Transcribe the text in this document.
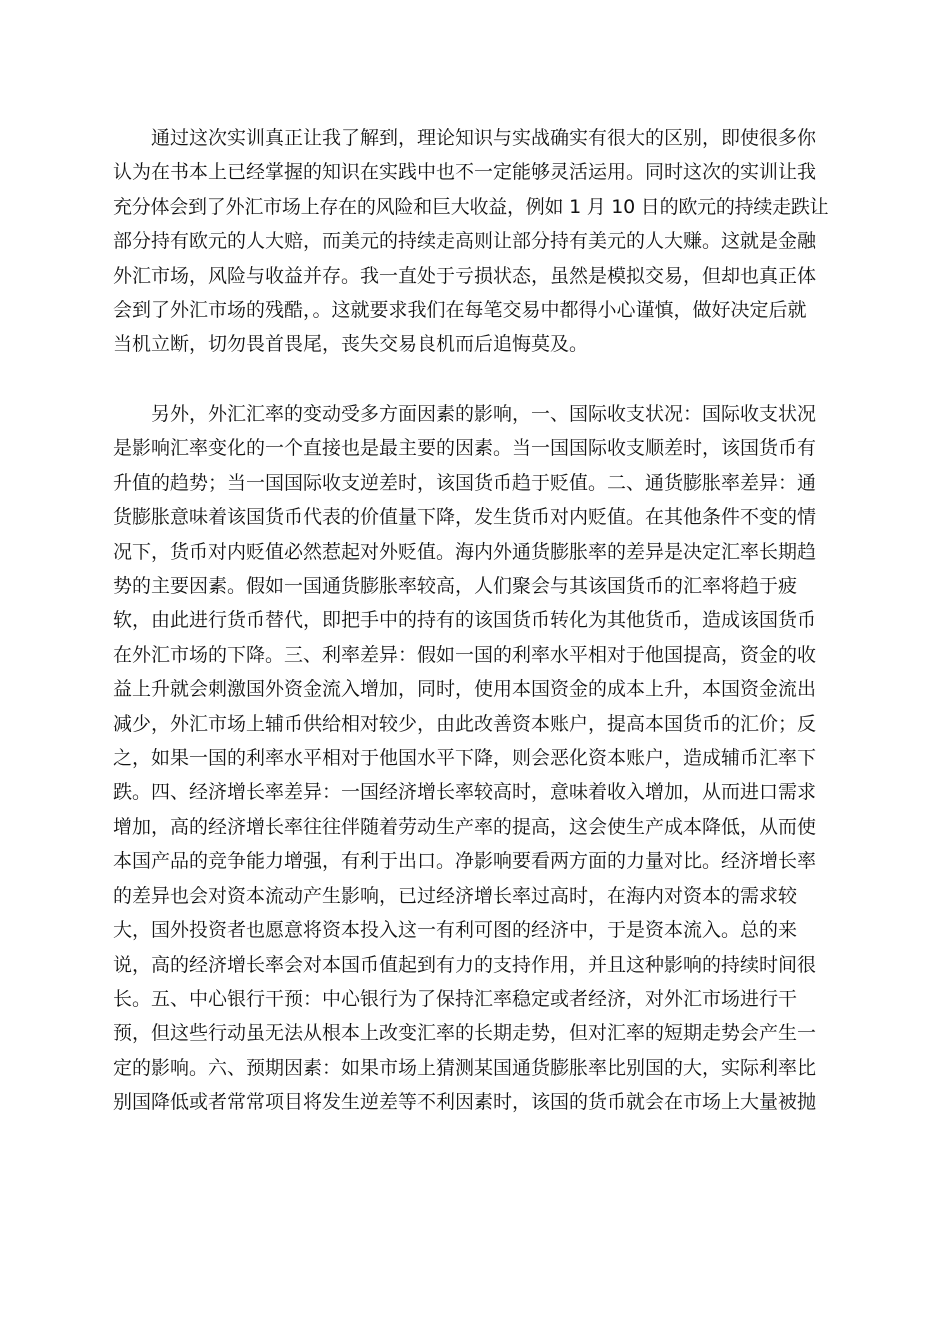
通过这次实训真正让我了解到，理论知识与实战确实有很大的区别，即使很多你
认为在书本上已经掌握的知识在实践中也不一定能够灵活运用。同时这次的实训让我
充分体会到了外汇市场上存在的风险和巨大收益，例如 1 月 10 日的欧元的持续走跌让
部分持有欧元的人大赔，而美元的持续走高则让部分持有美元的人大赚。这就是金融
外汇市场，风险与收益并存。我一直处于亏损状态，虽然是模拟交易，但却也真正体
会到了外汇市场的残酷，。这就要求我们在每笔交易中都得小心谨慎，做好决定后就
当机立断，切勿畏首畏尾，丧失交易良机而后追悔莫及。
另外，外汇汇率的变动受多方面因素的影响，一、国际收支状况：国际收支状况
是影响汇率变化的一个直接也是最主要的因素。当一国国际收支顺差时，该国货币有
升值的趋势；当一国国际收支逆差时，该国货币趋于贬值。二、通货膨胀率差异：通
货膨胀意味着该国货币代表的价值量下降，发生货币对内贬值。在其他条件不变的情
况下，货币对内贬值必然惹起对外贬值。海内外通货膨胀率的差异是决定汇率长期趋
势的主要因素。假如一国通货膨胀率较高，人们聚会与其该国货币的汇率将趋于疲
软，由此进行货币替代，即把手中的持有的该国货币转化为其他货币，造成该国货币
在外汇市场的下降。三、利率差异：假如一国的利率水平相对于他国提高，资金的收
益上升就会刺激国外资金流入增加，同时，使用本国资金的成本上升，本国资金流出
减少，外汇市场上辅币供给相对较少，由此改善资本账户，提高本国货币的汇价；反
之，如果一国的利率水平相对于他国水平下降，则会恶化资本账户，造成辅币汇率下
跌。四、经济增长率差异：一国经济增长率较高时，意味着收入增加，从而进口需求
增加，高的经济增长率往往伴随着劳动生产率的提高，这会使生产成本降低，从而使
本国产品的竞争能力增强，有利于出口。净影响要看两方面的力量对比。经济增长率
的差异也会对资本流动产生影响，已过经济增长率过高时，在海内对资本的需求较
大，国外投资者也愿意将资本投入这一有利可图的经济中，于是资本流入。总的来
说，高的经济增长率会对本国币值起到有力的支持作用，并且这种影响的持续时间很
长。五、中心银行干预：中心银行为了保持汇率稳定或者经济，对外汇市场进行干
预，但这些行动虽无法从根本上改变汇率的长期走势，但对汇率的短期走势会产生一
定的影响。六、预期因素：如果市场上猜测某国通货膨胀率比别国的大，实际利率比
别国降低或者常常项目将发生逆差等不利因素时，该国的货币就会在市场上大量被抛
